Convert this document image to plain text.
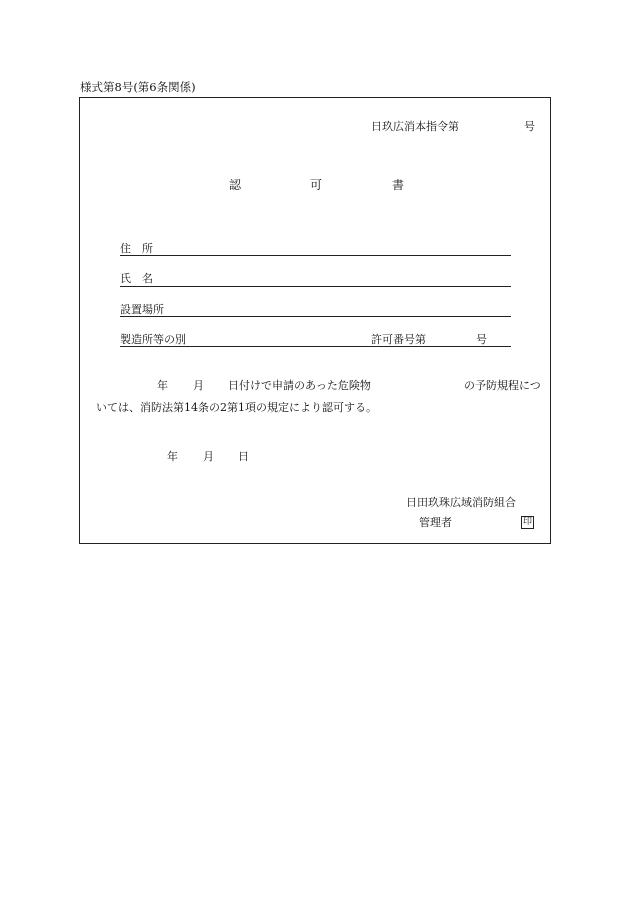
様式第8号(第6条関係)
日玖広消本指令第	号
認	可	書
住　所
氏　名
設置場所
製造所等の別	許可番号第	号
年 月 日付けで申請のあった危険物	の予防規程につ
いては、消防法第14条の2第1項の規定により認可する。
年 月 日
日田玖珠広域消防組合
管理者	印
